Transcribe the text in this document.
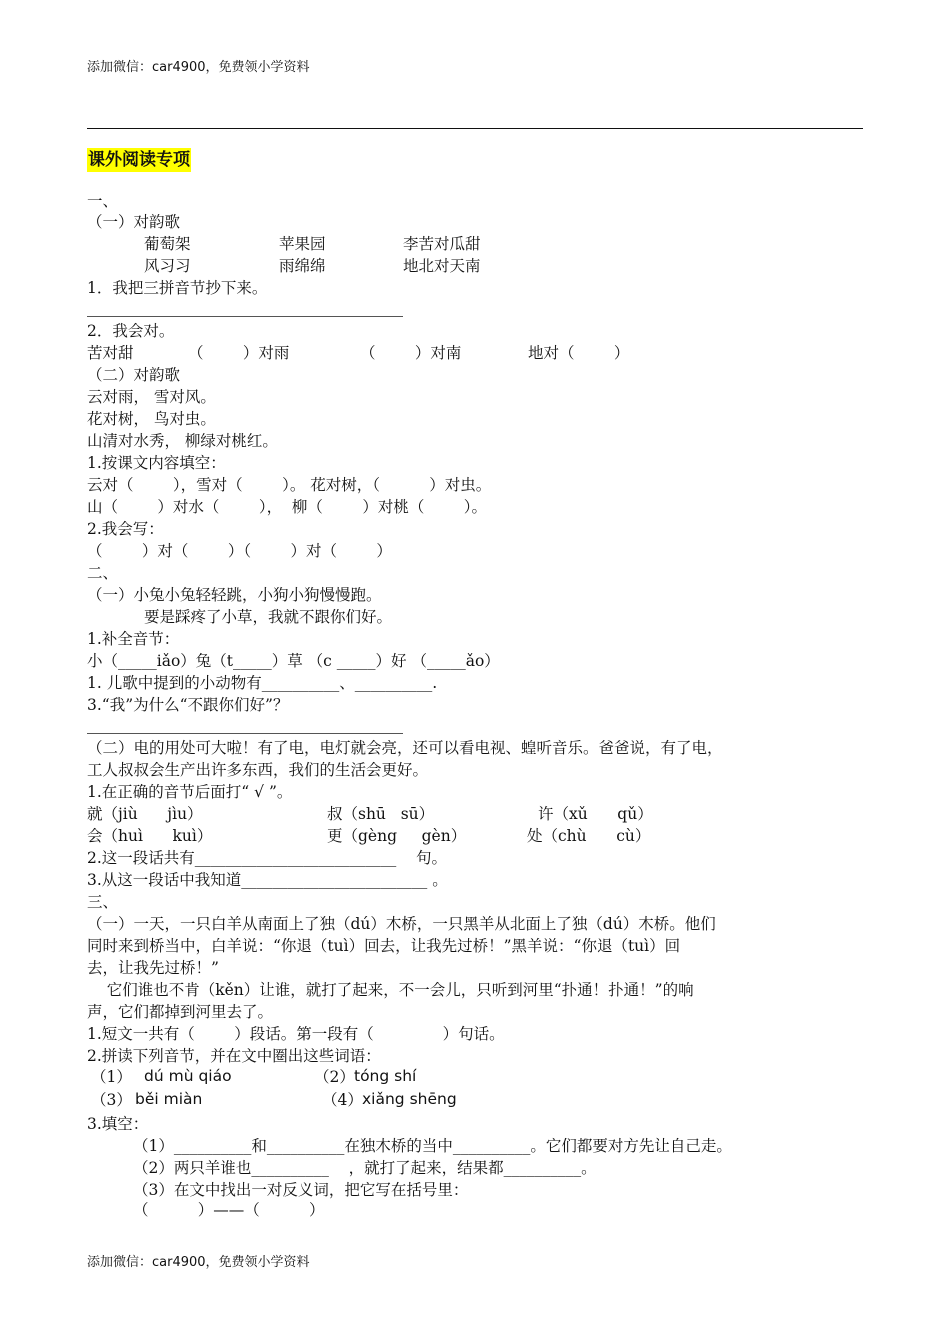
添加微信：car4900，免费领小学资料
课外阅读专项
一、
（一）对韵歌
葡萄架	苹果园	李苦对瓜甜
风习习	雨绵绵	地北对天南
1．我把三拼音节抄下来。
2．我会对。
苦对甜	（        ）对雨	（        ）对南	地对（        ）
（二）对韵歌
云对雨， 雪对风。
花对树， 鸟对虫。
山清对水秀， 柳绿对桃红。
1.按课文内容填空：
云对（        ），雪对（        ）。 花对树，（          ）对虫。
山（        ）对水（        ），  柳（        ）对桃（        ）。
2.我会写：
（        ）对（        ）（        ）对（        ）
二、
（一）小兔小兔轻轻跳，小狗小狗慢慢跑。
要是踩疼了小草，我就不跟你们好。
1.补全音节：
小（_____iǎo）兔（t_____）草 （c _____）好 （_____ǎo）
1. 儿歌中提到的小动物有__________、__________.
3.“我”为什么“不跟你们好”？
（二）电的用处可大啦！有了电，电灯就会亮，还可以看电视、蝗听音乐。爸爸说，有了电，
工人叔叔会生产出许多东西，我们的生活会更好。
1.在正确的音节后面打“ √ ”。
就（jiù      jìu）	叔（shū   sū）	许（xǔ      qǔ）
会（huì      kuì）	更（gèng     gèn）	处（chù      cù）
2.这一段话共有__________________________    句。
3.从这一段话中我知道________________________ 。
三、
（一）一天，一只白羊从南面上了独（dú）木桥，一只黑羊从北面上了独（dú）木桥。他们
同时来到桥当中，白羊说：“你退（tuì）回去，让我先过桥！”黑羊说：“你退（tuì）回
去，让我先过桥！”
它们谁也不肯（kěn）让谁，就打了起来，不一会儿，只听到河里“扑通！扑通！”的响
声，它们都掉到河里去了。
1.短文一共有（        ）段话。第一段有（              ）句话。
2.拼读下列音节，并在文中圈出这些词语：
（1） dú mù qiáo	（2） tóng shí
（3） běi miàn	（4） xiǎng shēng
3.填空：
（1）__________和__________在独木桥的当中__________。它们都要对方先让自己走。
（2）两只羊谁也__________    ，就打了起来，结果都__________。
（3）在文中找出一对反义词，把它写在括号里：
（          ）——（          ）
添加微信：car4900，免费领小学资料
